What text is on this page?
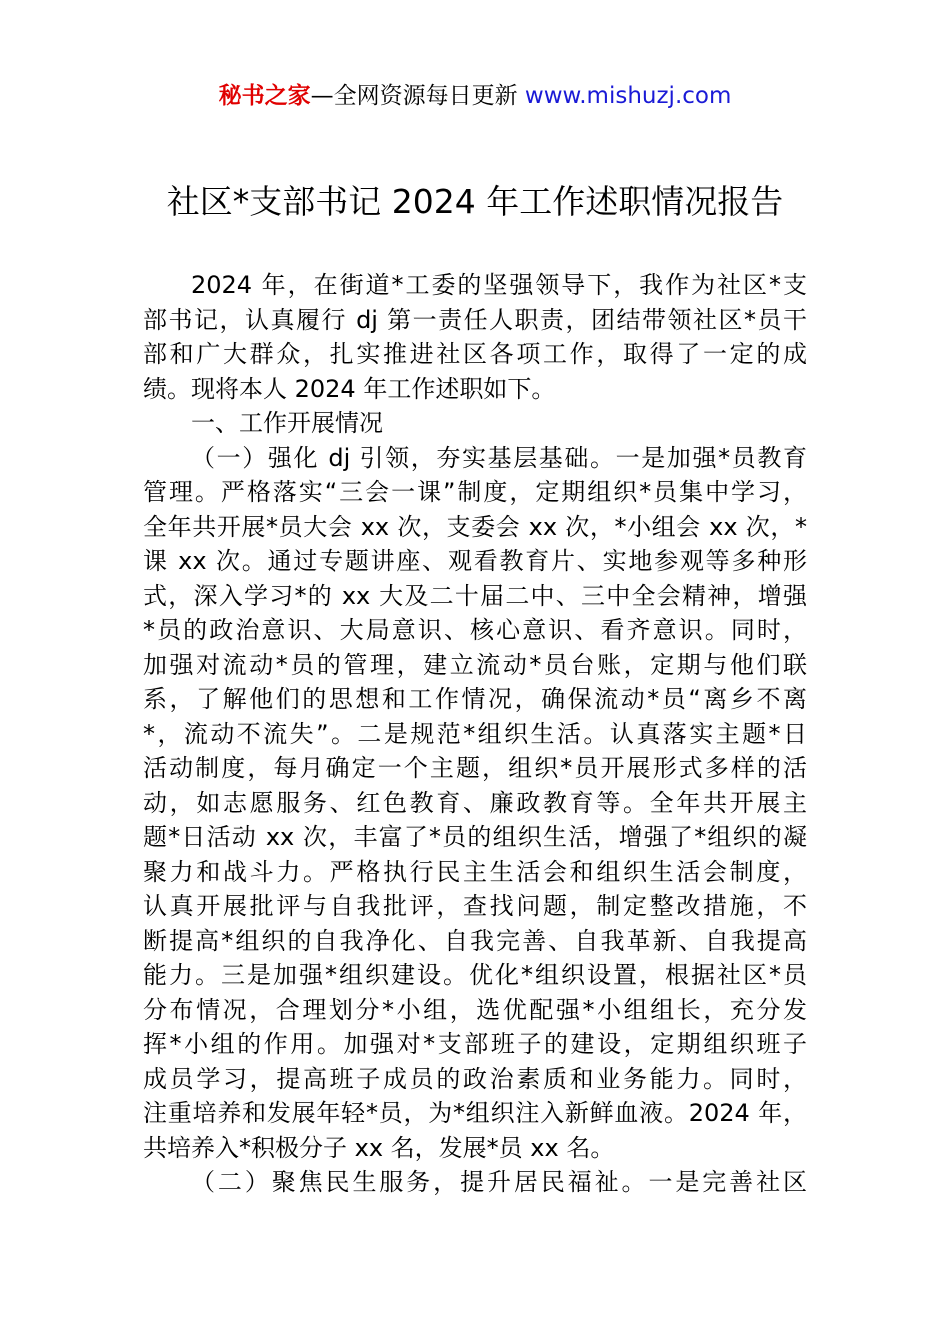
秘书之家—全网资源每日更新 www.mishuzj.com
社区*支部书记 2024 年工作述职情况报告
2024 年，在街道*工委的坚强领导下，我作为社区*支
部书记，认真履行 dj 第一责任人职责，团结带领社区*员干
部和广大群众，扎实推进社区各项工作，取得了一定的成
绩。现将本人 2024 年工作述职如下。
一、工作开展情况
（一）强化 dj 引领，夯实基层基础。一是加强*员教育
管理。严格落实“三会一课”制度，定期组织*员集中学习，
全年共开展*员大会 xx 次，支委会 xx 次，*小组会 xx 次，*
课 xx 次。通过专题讲座、观看教育片、实地参观等多种形
式，深入学习*的 xx 大及二十届二中、三中全会精神，增强
*员的政治意识、大局意识、核心意识、看齐意识。同时，
加强对流动*员的管理，建立流动*员台账，定期与他们联
系，了解他们的思想和工作情况，确保流动*员“离乡不离
*，流动不流失”。二是规范*组织生活。认真落实主题*日
活动制度，每月确定一个主题，组织*员开展形式多样的活
动，如志愿服务、红色教育、廉政教育等。全年共开展主
题*日活动 xx 次，丰富了*员的组织生活，增强了*组织的凝
聚力和战斗力。严格执行民主生活会和组织生活会制度，
认真开展批评与自我批评，查找问题，制定整改措施，不
断提高*组织的自我净化、自我完善、自我革新、自我提高
能力。三是加强*组织建设。优化*组织设置，根据社区*员
分布情况，合理划分*小组，选优配强*小组组长，充分发
挥*小组的作用。加强对*支部班子的建设，定期组织班子
成员学习，提高班子成员的政治素质和业务能力。同时，
注重培养和发展年轻*员，为*组织注入新鲜血液。2024 年，
共培养入*积极分子 xx 名，发展*员 xx 名。
（二）聚焦民生服务，提升居民福祉。一是完善社区
